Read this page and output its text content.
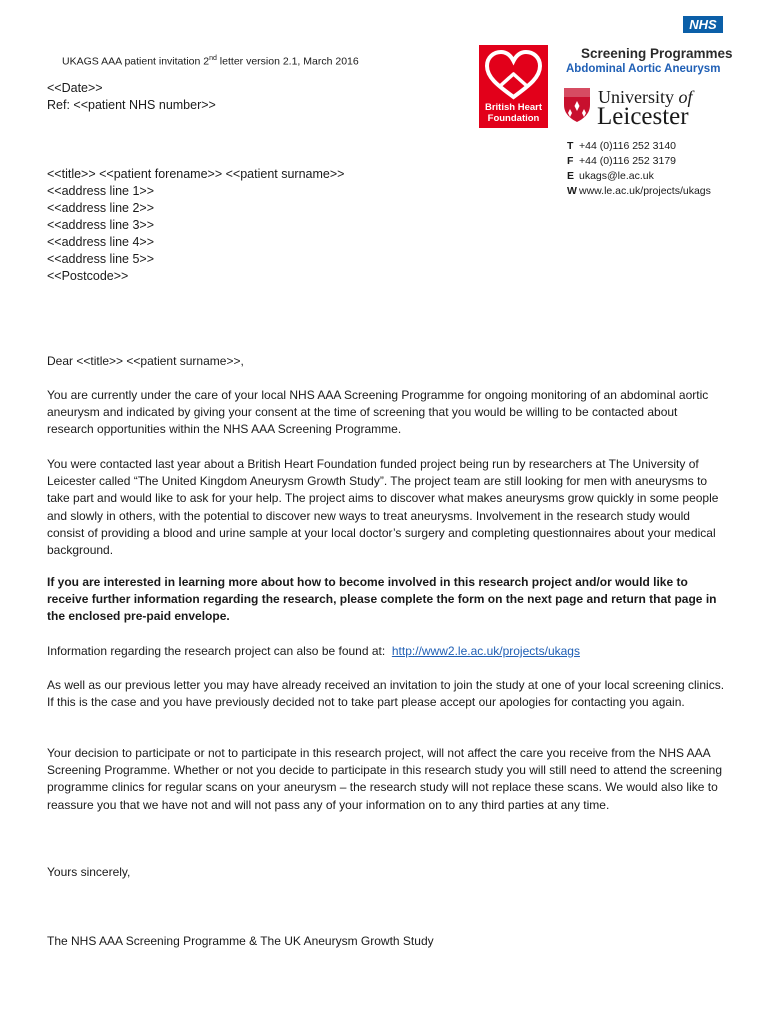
NHS
UKAGS AAA patient invitation 2nd letter version 2.1, March 2016
British Heart
Foundation
Screening Programmes
Abdominal Aortic Aneurysm
University of
Leicester
T +44 (0)116 252 3140
F +44 (0)116 252 3179
E ukags@le.ac.uk
W www.le.ac.uk/projects/ukags
<<Date>>
Ref: <<patient NHS number>>
<<title>> <<patient forename>> <<patient surname>>
<<address line 1>>
<<address line 2>>
<<address line 3>>
<<address line 4>>
<<address line 5>>
<<Postcode>>
Dear <<title>> <<patient surname>>,
You are currently under the care of your local NHS AAA Screening Programme for ongoing monitoring of an abdominal aortic aneurysm and indicated by giving your consent at the time of screening that you would be willing to be contacted about research opportunities within the NHS AAA Screening Programme.
You were contacted last year about a British Heart Foundation funded project being run by researchers at The University of Leicester called “The United Kingdom Aneurysm Growth Study”. The project team are still looking for men with aneurysms to take part and would like to ask for your help. The project aims to discover what makes aneurysms grow quickly in some people and slowly in others, with the potential to discover new ways to treat aneurysms. Involvement in the research study would consist of providing a blood and urine sample at your local doctor’s surgery and completing questionnaires about your medical background.
If you are interested in learning more about how to become involved in this research project and/or would like to receive further information regarding the research, please complete the form on the next page and return that page in the enclosed pre-paid envelope.
Information regarding the research project can also be found at: http://www2.le.ac.uk/projects/ukags
As well as our previous letter you may have already received an invitation to join the study at one of your local screening clinics. If this is the case and you have previously decided not to take part please accept our apologies for contacting you again.
Your decision to participate or not to participate in this research project, will not affect the care you receive from the NHS AAA Screening Programme. Whether or not you decide to participate in this research study you will still need to attend the screening programme clinics for regular scans on your aneurysm – the research study will not replace these scans. We would also like to reassure you that we have not and will not pass any of your information on to any third parties at any time.
Yours sincerely,
The NHS AAA Screening Programme & The UK Aneurysm Growth Study
